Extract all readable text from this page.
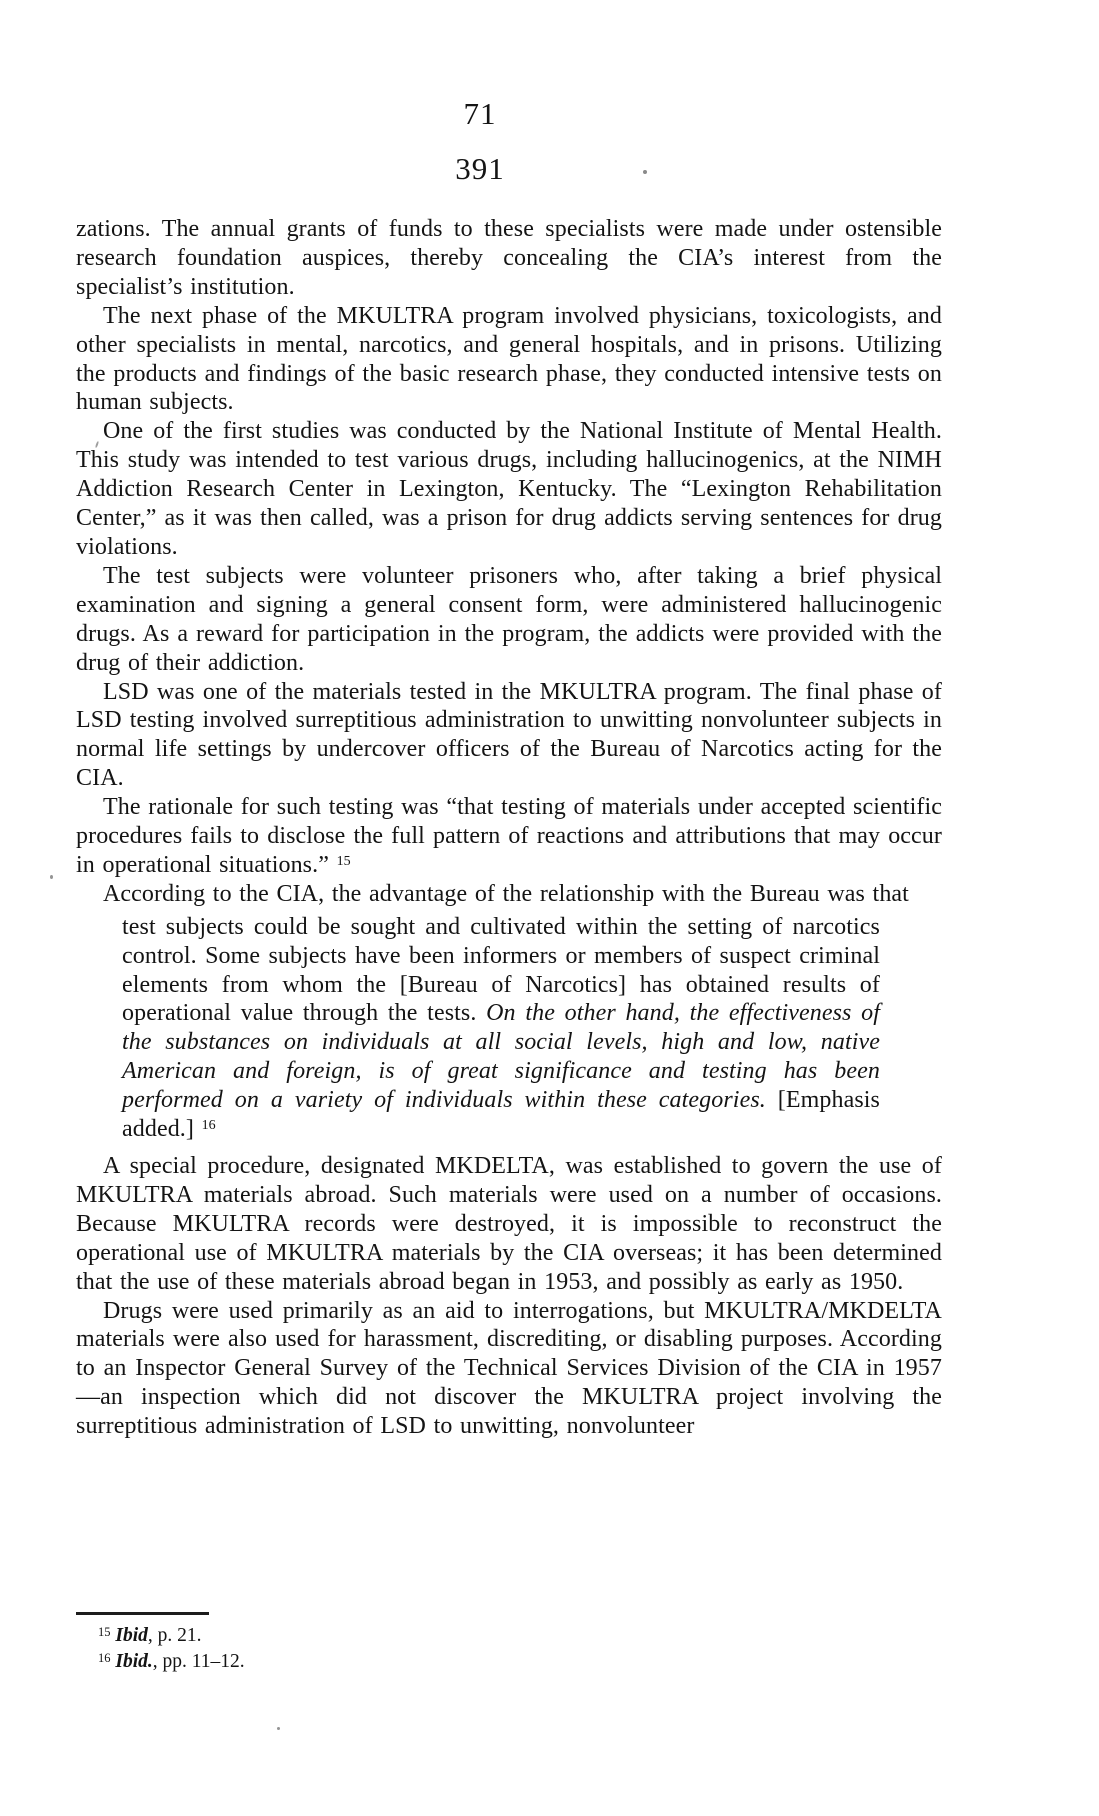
71
391

zations. The annual grants of funds to these specialists were made under ostensible research foundation auspices, thereby concealing the CIA’s interest from the specialist’s institution.

The next phase of the MKULTRA program involved physicians, toxicologists, and other specialists in mental, narcotics, and general hospitals, and in prisons. Utilizing the products and findings of the basic research phase, they conducted intensive tests on human subjects.

One of the first studies was conducted by the National Institute of Mental Health. This study was intended to test various drugs, including hallucinogenics, at the NIMH Addiction Research Center in Lexington, Kentucky. The “Lexington Rehabilitation Center,” as it was then called, was a prison for drug addicts serving sentences for drug violations.

The test subjects were volunteer prisoners who, after taking a brief physical examination and signing a general consent form, were administered hallucinogenic drugs. As a reward for participation in the program, the addicts were provided with the drug of their addiction.

LSD was one of the materials tested in the MKULTRA program. The final phase of LSD testing involved surreptitious administration to unwitting nonvolunteer subjects in normal life settings by undercover officers of the Bureau of Narcotics acting for the CIA.

The rationale for such testing was “that testing of materials under accepted scientific procedures fails to disclose the full pattern of reactions and attributions that may occur in operational situations.” $^{15}$

According to the CIA, the advantage of the relationship with the Bureau was that

test subjects could be sought and cultivated within the setting of narcotics control. Some subjects have been informers or members of suspect criminal elements from whom the [Bureau of Narcotics] has obtained results of operational value through the tests. On the other hand, the effectiveness of the substances on individuals at all social levels, high and low, native American and foreign, is of great significance and testing has been performed on a variety of individuals within these categories. [Emphasis added.] $^{16}$

A special procedure, designated MKDELTA, was established to govern the use of MKULTRA materials abroad. Such materials were used on a number of occasions. Because MKULTRA records were destroyed, it is impossible to reconstruct the operational use of MKULTRA materials by the CIA overseas; it has been determined that the use of these materials abroad began in 1953, and possibly as early as 1950.

Drugs were used primarily as an aid to interrogations, but MKULTRA/MKDELTA materials were also used for harassment, discrediting, or disabling purposes. According to an Inspector General Survey of the Technical Services Division of the CIA in 1957—an inspection which did not discover the MKULTRA project involving the surreptitious administration of LSD to unwitting, nonvolunteer

$^{15}$ Ibid, p. 21.

$^{16}$ Ibid., pp. 11–12.
